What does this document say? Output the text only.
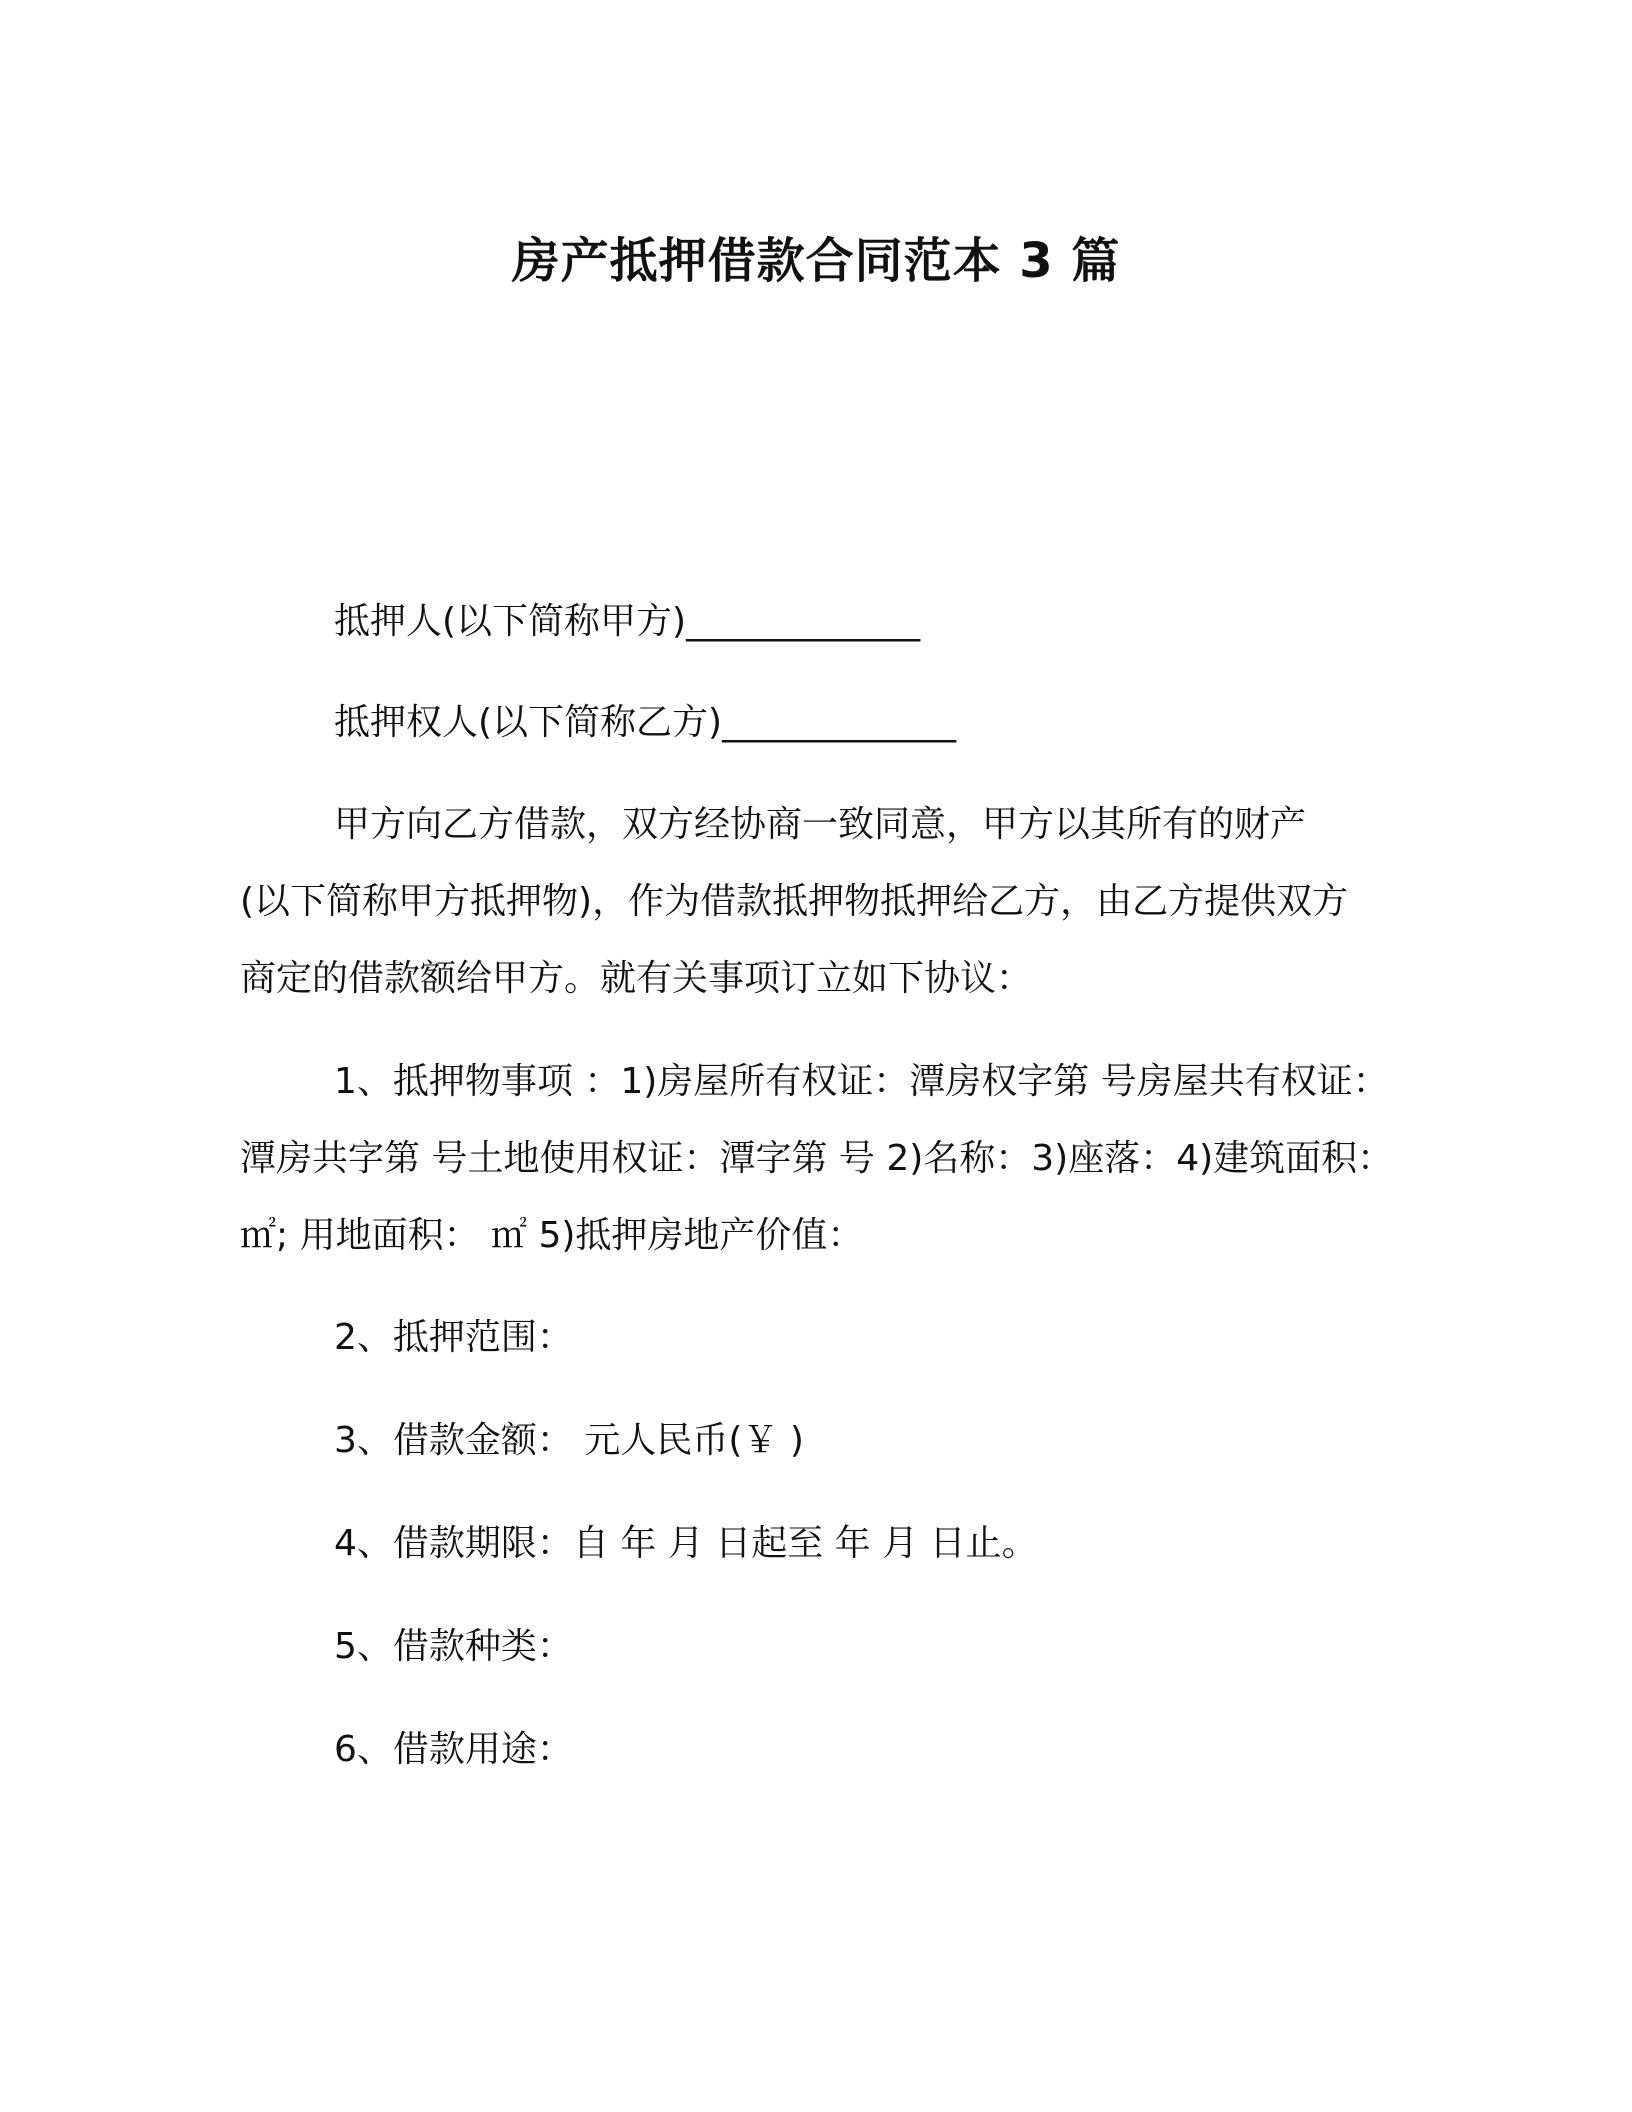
房产抵押借款合同范本 3 篇
抵押人(以下简称甲方)_____________
抵押权人(以下简称乙方)_____________
甲方向乙方借款，双方经协商一致同意，甲方以其所有的财产
(以下简称甲方抵押物)，作为借款抵押物抵押给乙方，由乙方提供双方
商定的借款额给甲方。就有关事项订立如下协议：
1、抵押物事项 ：1)房屋所有权证：潭房权字第 号房屋共有权证：
潭房共字第 号土地使用权证：潭字第 号 2)名称：3)座落：4)建筑面积：
㎡; 用地面积： ㎡ 5)抵押房地产价值：
2、抵押范围：
3、借款金额： 元人民币(￥ )
4、借款期限：自 年 月 日起至 年 月 日止。
5、借款种类：
6、借款用途：
